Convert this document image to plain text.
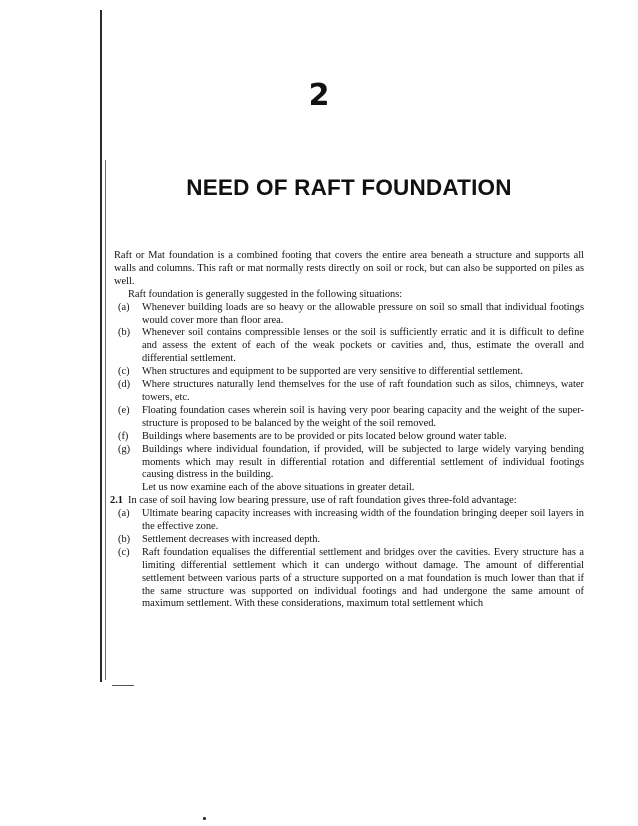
2
NEED OF RAFT FOUNDATION

Raft or Mat foundation is a combined footing that covers the entire area beneath a structure and supports all walls and columns. This raft or mat normally rests directly on soil or rock, but can also be supported on piles as well.

Raft foundation is generally suggested in the following situations:

(a)	Whenever building loads are so heavy or the allowable pressure on soil so small that individual footings would cover more than floor area.
(b)	Whenever soil contains compressible lenses or the soil is sufficiently erratic and it is difficult to define and assess the extent of each of the weak pockets or cavities and, thus, estimate the overall and differential settlement.
(c)	When structures and equipment to be supported are very sensitive to differential settlement.
(d)	Where structures naturally lend themselves for the use of raft foundation such as silos, chimneys, water towers, etc.
(e)	Floating foundation cases wherein soil is having very poor bearing capacity and the weight of the super-structure is proposed to be balanced by the weight of the soil removed.
(f)	Buildings where basements are to be provided or pits located below ground water table.
(g)	Buildings where individual foundation, if provided, will be subjected to large widely varying bending moments which may result in differential rotation and differential settlement of individual footings causing distress in the building.

Let us now examine each of the above situations in greater detail.

2.1 In case of soil having low bearing pressure, use of raft foundation gives three-fold advantage:
(a)	Ultimate bearing capacity increases with increasing width of the foundation bringing deeper soil layers in the effective zone.
(b)	Settlement decreases with increased depth.
(c)	Raft foundation equalises the differential settlement and bridges over the cavities. Every structure has a limiting differential settlement which it can undergo without damage. The amount of differential settlement between various parts of a structure supported on a mat foundation is much lower than that if the same structure was supported on individual footings and had undergone the same amount of maximum settlement. With these considerations, maximum total settlement which
